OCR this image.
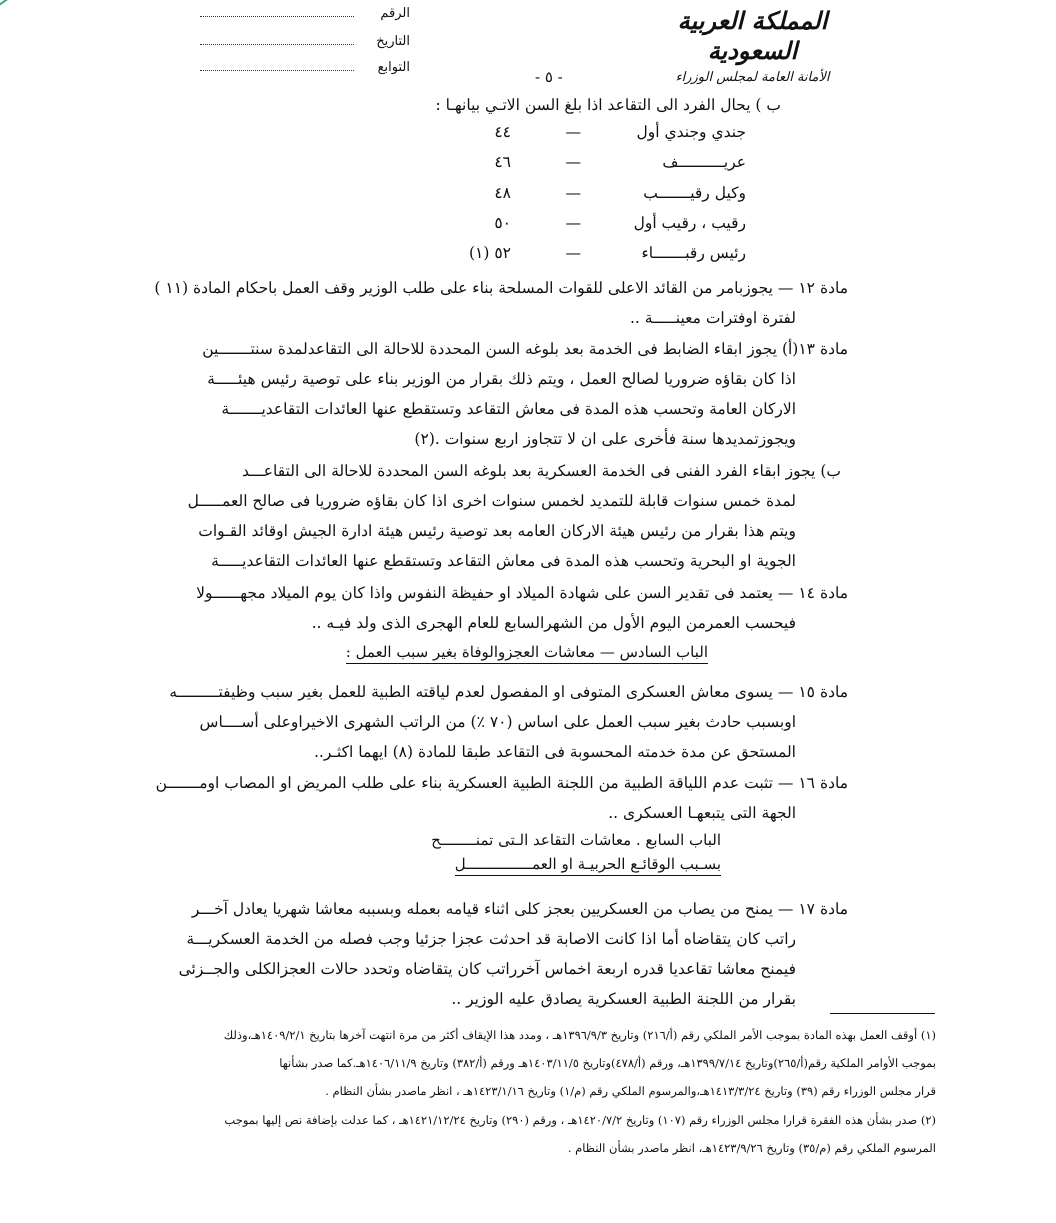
المملكة العربية السعودية
الأمانة العامة لمجلس الوزراء
الرقم
التاريخ
التوابع
- ٥ -
ب ) يحال الفرد الى التقاعد اذا بلغ السن الاتـي بيانهـا :
جندي وجندي أول
—
٤٤
عريــــــــــف
—
٤٦
وكيل رقيـــــــب
—
٤٨
رقيب ، رقيب أول
—
٥٠
رئيس رقبـــــــاء
—
٥٢ (١)
مادة ١٢ — يجوزبامر من القائد الاعلى للقوات المسلحة بناء على طلب الوزير وقف العمل باحكام المادة (١١ )
لفترة اوفترات معينـــــة ..
مادة ١٣(أ) يجوز ابقاء الضابط فى الخدمة بعد بلوغه السن المحددة للاحالة الى التقاعدلمدة سنتـــــــين
اذا كان بقاؤه ضروريا لصالح العمل ، ويتم ذلك بقرار من الوزير بناء على توصية رئيس هيئـــــة
الاركان العامة وتحسب هذه المدة فى معاش التقاعد وتستقطع عنها العائدات التقاعديـــــــة
ويجوزتمديدها سنة فأخرى على ان لا تتجاوز اربع سنوات .(٢)
ب) يجوز ابقاء الفرد الفنى فى الخدمة العسكرية بعد بلوغه السن المحددة للاحالة الى التقاعـــد
لمدة خمس سنوات قابلة للتمديد لخمس سنوات اخرى اذا كان بقاؤه ضروريا فى صالح العمـــــل
ويتم هذا بقرار من رئيس هيئة الاركان العامه بعد توصية رئيس هيئة ادارة الجيش اوقائد القـوات
الجوية او البحرية وتحسب هذه المدة فى معاش التقاعد وتستقطع عنها العائدات التقاعديـــــة
مادة ١٤ — يعتمد فى تقدير السن على شهادة الميلاد او حفيظة النفوس واذا كان يوم الميلاد مجهــــــولا
فيحسب العمرمن اليوم الأول من الشهرالسابع للعام الهجرى الذى ولد فيـه ..
الباب السادس — معاشات العجزوالوفاة بغير سبب العمل :
مادة ١٥ — يسوى معاش العسكرى المتوفى او المفصول لعدم لياقته الطبية للعمل بغير سبب وظيفتـــــــــه
اوبسبب حادث بغير سبب العمل على اساس (٧٠ ٪) من الراتب الشهرى الاخيراوعلى أســــاس
المستحق عن مدة خدمته المحسوبة فى التقاعد طبقا للمادة (٨) ايهما اكثـر..
مادة ١٦ — تثبت عدم اللياقة الطبية من اللجنة الطبية العسكرية بناء على طلب المريض او المصاب اومـــــــن
الجهة التى يتبعهـا العسكرى ..
الباب السابع . معاشات التقاعد الـتى تمنــــــــح
بسـبب الوقائـع الحربيـة او العمـــــــــــــــل
مادة ١٧ — يمنح من يصاب من العسكريين بعجز كلى اثناء قيامه بعمله وبسببه معاشا شهريا يعادل آخـــر
راتب كان يتقاضاه أما اذا كانت الاصابة قد احدثت عجزا جزئيا وجب فصله من الخدمة العسكريـــة
فيمنح معاشا تقاعديا قدره اربعة اخماس آخرراتب كان يتقاضاه وتحدد حالات العجزالكلى والجــزئى
بقرار من اللجنة الطبية العسكرية يصادق عليه الوزير ..
(١) أوقف العمل بهذه المادة بموجب الأمر الملكي رقم (أ/٢١٦) وتاريخ ١٣٩٦/٩/٣هـ ، ومدد هذا الإيقاف أكثر من مرة انتهت آخرها بتاريخ ١٤٠٩/٢/١هـ،وذلك
بموجب الأوامر الملكية رقم(أ/٢٦٥)وتاريخ ١٣٩٩/٧/١٤هـ، ورقم (أ/٤٧٨)وتاريخ ١٤٠٣/١١/٥هـ ورقم (أ/٣٨٢) وتاريخ ١٤٠٦/١١/٩هـ.كما صدر بشأنها
قرار مجلس الوزراء رقم (٣٩) وتاريخ ١٤١٣/٣/٢٤هـ،والمرسوم الملكي رقم (م/١) وتاريخ ١٤٢٣/١/١٦هـ ، انظر ماصدر بشأن النظام .
(٢) صدر بشأن هذه الفقرة قرارا مجلس الوزراء رقم (١٠٧) وتاريخ ١٤٢٠/٧/٢هـ ، ورقم (٢٩٠) وتاريخ ١٤٢١/١٢/٢٤هـ ، كما عدلت بإضافة نص إليها بموجب
المرسوم الملكي رقم (م/٣٥) وتاريخ ١٤٢٣/٩/٢٦هـ، انظر ماصدر بشأن النظام .
